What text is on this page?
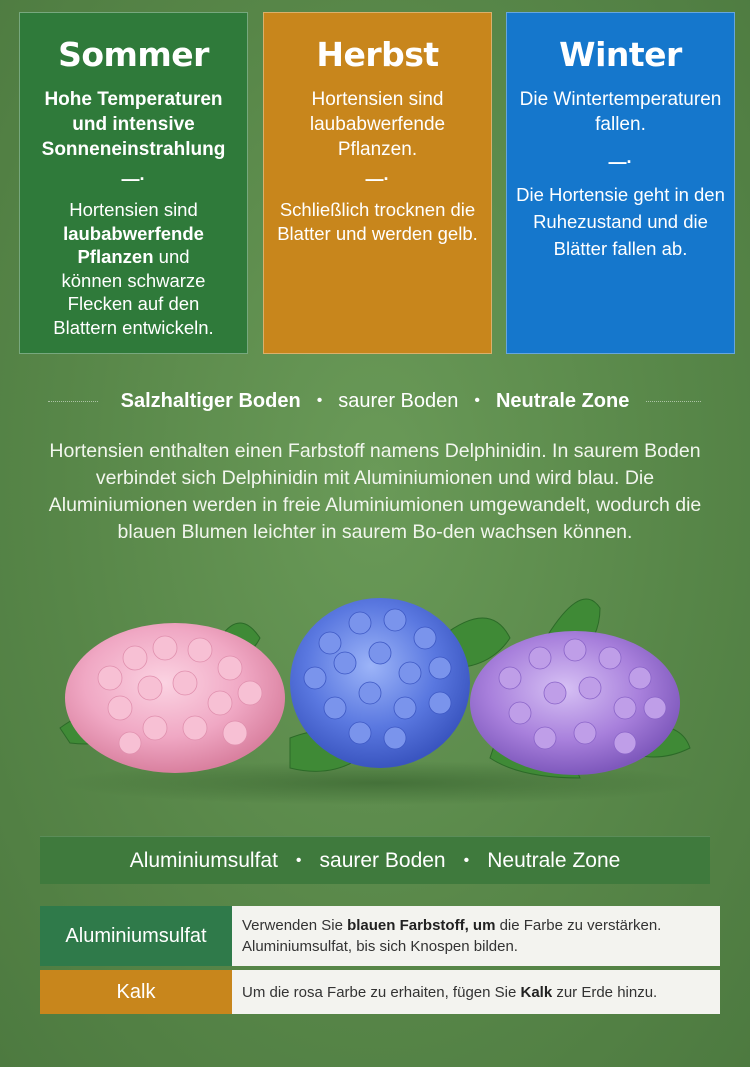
Sommer
Hohe Temperaturen und intensive Sonneneinstrahlung
—·
Hortensien sind
laubabwerfende Pflanzen und
können schwarze Flecken auf den Blattern entwickeln.
Herbst
Hortensien sind laubabwerfende Pflanzen.
—·
Schließlich trocknen die Blatter und werden gelb.
Winter
Die Wintertemperaturen fallen.
—·
Die Hortensie geht in den Ruhezustand und die Blätter fallen ab.
Salzhaltiger Boden • saurer Boden • Neutrale Zone
Hortensien enthalten einen Farbstoff namens Delphinidin. In saurem Boden verbindet sich Delphinidin mit Aluminiumionen und wird blau. Die Aluminiumionen werden in freie Aluminiumionen umgewandelt, wodurch die blauen Blumen leichter in saurem Bo-den wachsen können.
Aluminiumsulfat • saurer Boden • Neutrale Zone
Aluminiumsulfat	Verwenden Sie blauen Farbstoff, um die Farbe zu verstärken.
Aluminiumsulfat, bis sich Knospen bilden.
Kalk	Um die rosa Farbe zu erhaiten, fügen Sie Kalk zur Erde hinzu.
